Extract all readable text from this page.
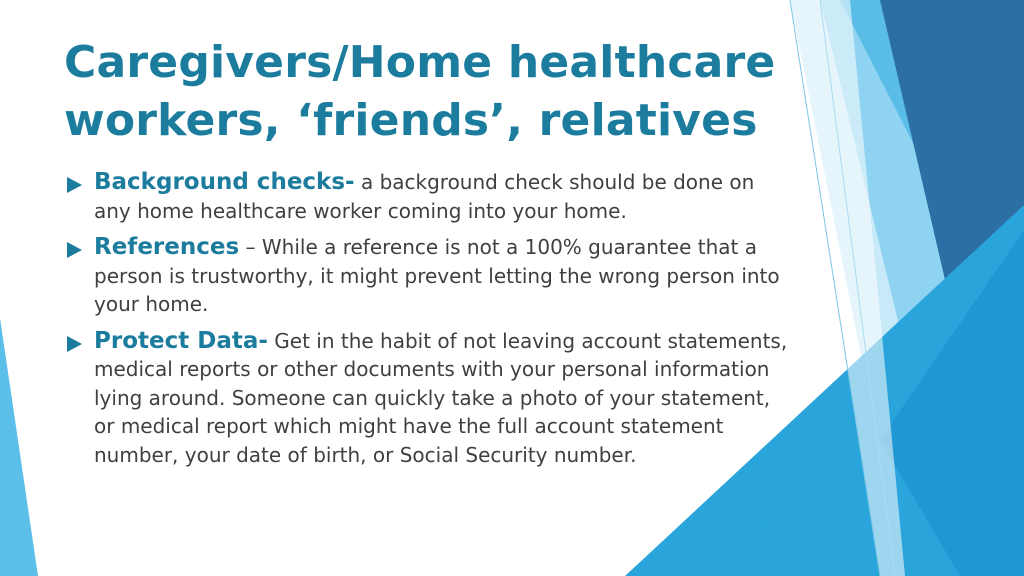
Caregivers/Home healthcare
workers, ‘friends’, relatives
Background checks- a background check should be done on any home healthcare worker coming into your home.
References – While a reference is not a 100% guarantee that a person is trustworthy, it might prevent letting the wrong person into your home.
Protect Data- Get in the habit of not leaving account statements, medical reports or other documents with your personal information lying around. Someone can quickly take a photo of your statement, or medical report which might have the full account statement number, your date of birth, or Social Security number.
19
